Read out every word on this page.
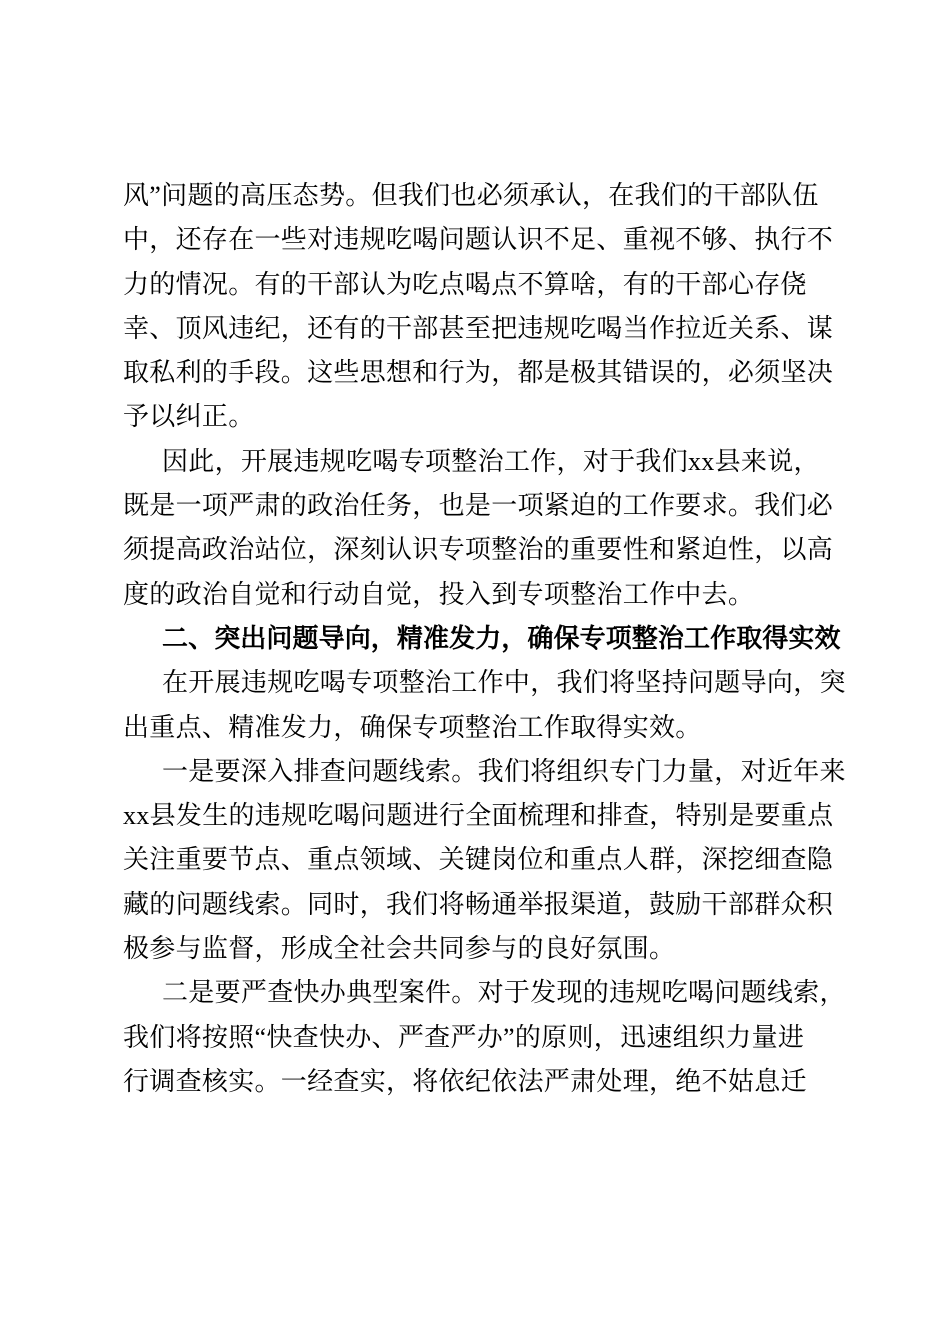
风”问题的高压态势。但我们也必须承认，在我们的干部队伍
中，还存在一些对违规吃喝问题认识不足、重视不够、执行不
力的情况。有的干部认为吃点喝点不算啥，有的干部心存侥
幸、顶风违纪，还有的干部甚至把违规吃喝当作拉近关系、谋
取私利的手段。这些思想和行为，都是极其错误的，必须坚决
予以纠正。
因此，开展违规吃喝专项整治工作，对于我们xx县来说，
既是一项严肃的政治任务，也是一项紧迫的工作要求。我们必
须提高政治站位，深刻认识专项整治的重要性和紧迫性，以高
度的政治自觉和行动自觉，投入到专项整治工作中去。
二、突出问题导向，精准发力，确保专项整治工作取得实效
在开展违规吃喝专项整治工作中，我们将坚持问题导向，突
出重点、精准发力，确保专项整治工作取得实效。
一是要深入排查问题线索。我们将组织专门力量，对近年来
xx县发生的违规吃喝问题进行全面梳理和排查，特别是要重点
关注重要节点、重点领域、关键岗位和重点人群，深挖细查隐
藏的问题线索。同时，我们将畅通举报渠道，鼓励干部群众积
极参与监督，形成全社会共同参与的良好氛围。
二是要严查快办典型案件。对于发现的违规吃喝问题线索，
我们将按照“快查快办、严查严办”的原则，迅速组织力量进
行调查核实。一经查实，将依纪依法严肃处理，绝不姑息迁
